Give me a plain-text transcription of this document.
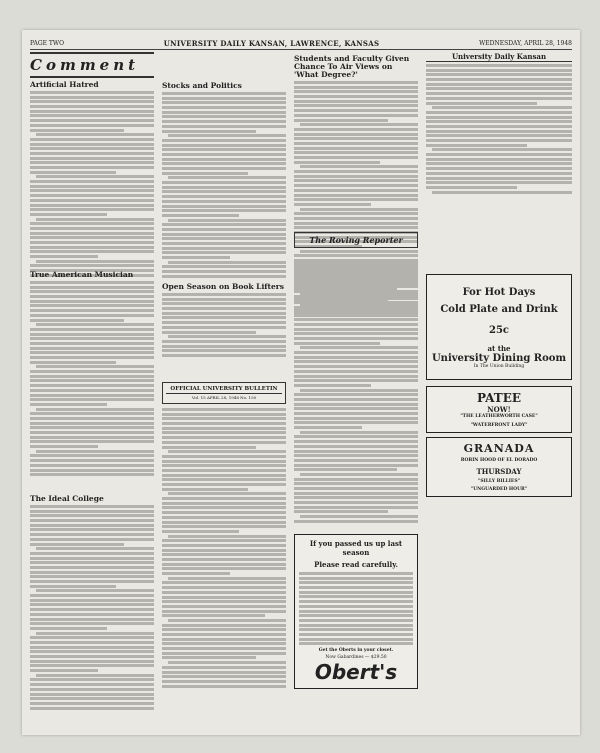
PAGE TWO	UNIVERSITY DAILY KANSAN, LAWRENCE, KANSAS	WEDNESDAY, APRIL 28, 1948
Comment
Artificial Hatred
True American Musician
The Ideal College
Stocks and Politics
Open Season on Book Lifters
OFFICIAL UNIVERSITY BULLETIN
Vol. 15 APRIL 28, 1948 No. 150
Students and Faculty Given Chance To Air Views on 'What Degree?'
The Roving Reporter
If you passed us up last season
Please read carefully.
Get the Oberts in your closet.
Now Gabardines — $29.50
Obert's
University Daily Kansan
For Hot Days
Cold Plate and Drink
25c
at the
University Dining Room
In The Union Building
PATEE
NOW!
"THE LEATHERWORTH CASE"
"WATERFRONT LADY"
GRANADA
ROBIN HOOD OF EL DORADO
THURSDAY
"SILLY BILLIES"
"UNGUARDED HOUR"
